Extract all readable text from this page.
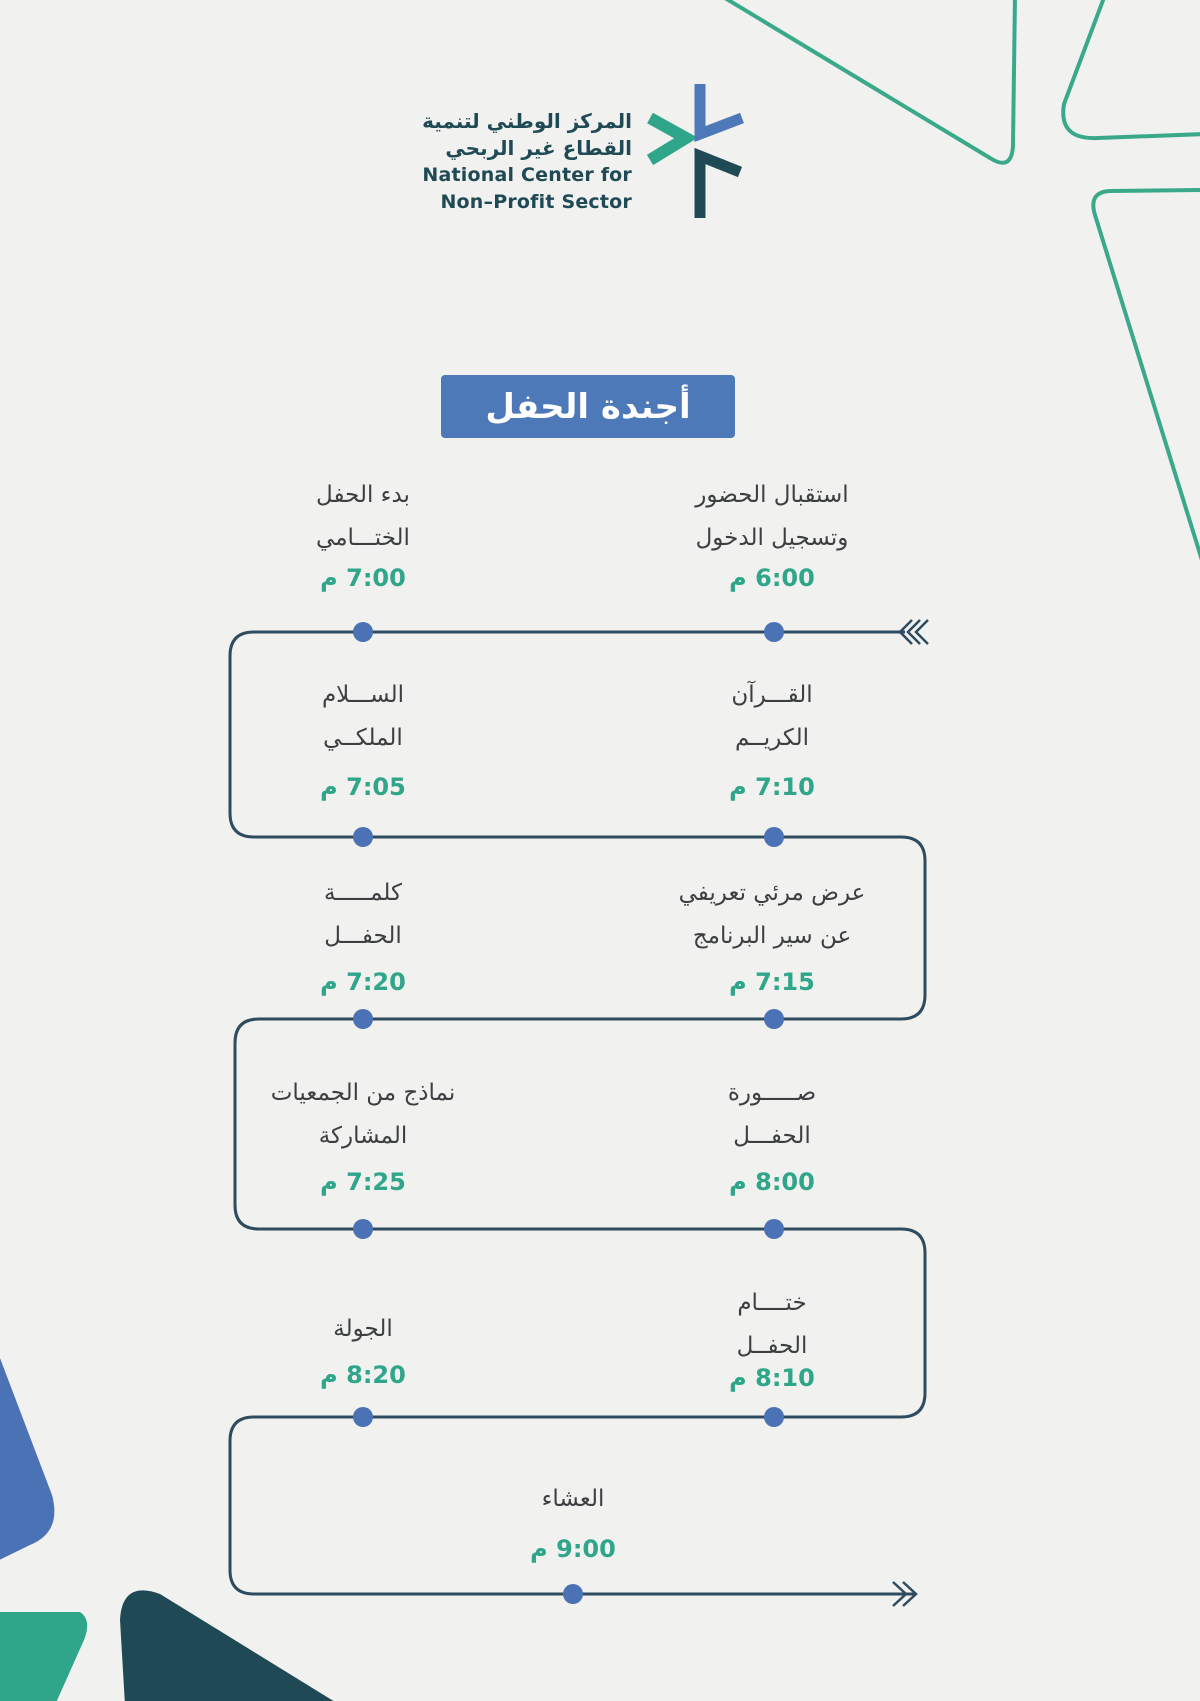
المركز الوطني لتنمية
القطاع غير الربحي
National Center for
Non–Profit Sector
أجندة الحفل
استقبال الحضور
وتسجيل الدخول
6:00 م
بدء الحفل
الختـــامي
7:00 م
الســـلام
الملكــي
7:05 م
القـــرآن
الكريــم
7:10 م
عرض مرئي تعريفي
عن سير البرنامج
7:15 م
كلمـــــة
الحفـــل
7:20 م
نماذج من الجمعيات
المشاركة
7:25 م
صـــــورة
الحفـــل
8:00 م
ختــــام
الحفــل
8:10 م
الجولة
8:20 م
العشاء
9:00 م
